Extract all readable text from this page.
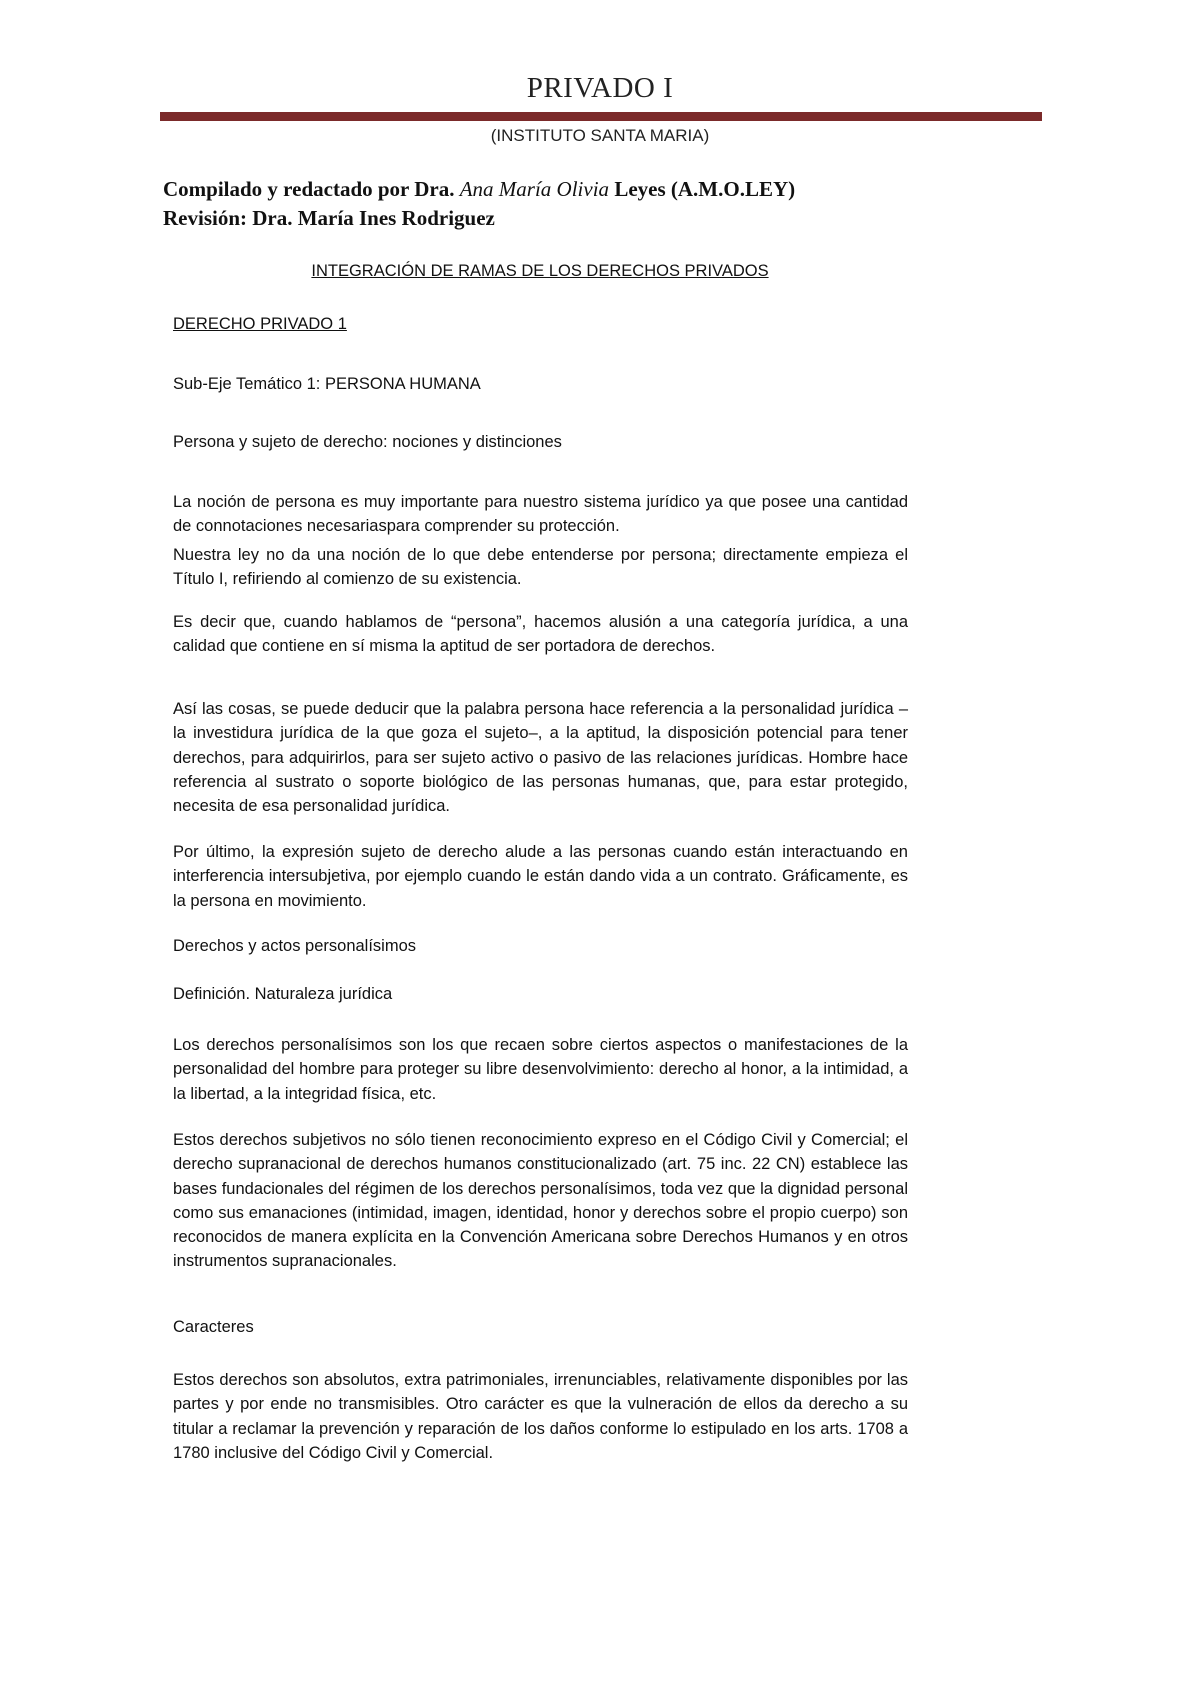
PRIVADO I
(INSTITUTO SANTA MARIA)
Compilado y redactado por Dra. Ana María Olivia Leyes (A.M.O.LEY)
Revisión: Dra. María Ines Rodriguez
INTEGRACIÓN DE RAMAS DE LOS DERECHOS PRIVADOS
DERECHO PRIVADO 1
Sub-Eje Temático 1: PERSONA HUMANA
Persona y sujeto de derecho: nociones y distinciones
La noción de persona es muy importante para nuestro sistema jurídico ya que posee una cantidad de connotaciones necesariaspara comprender su protección.
Nuestra ley no da una noción de lo que debe entenderse por persona; directamente empieza el Título I, refiriendo al comienzo de su existencia.
Es decir que, cuando hablamos de “persona”, hacemos alusión a una categoría jurídica, a una calidad que contiene en sí misma la aptitud de ser portadora de derechos.
Así las cosas, se puede deducir que la palabra persona hace referencia a la personalidad jurídica –la investidura jurídica de la que goza el sujeto–, a la aptitud, la disposición potencial para tener derechos, para adquirirlos, para ser sujeto activo o pasivo de las relaciones jurídicas. Hombre hace referencia al sustrato o soporte biológico de las personas humanas, que, para estar protegido, necesita de esa personalidad jurídica.
Por último, la expresión sujeto de derecho alude a las personas cuando están interactuando en interferencia intersubjetiva, por ejemplo cuando le están dando vida a un contrato. Gráficamente, es la persona en movimiento.
Derechos y actos personalísimos
Definición. Naturaleza jurídica
Los derechos personalísimos son los que recaen sobre ciertos aspectos o manifestaciones de la personalidad del hombre para proteger su libre desenvolvimiento: derecho al honor, a la intimidad, a la libertad, a la integridad física, etc.
Estos derechos subjetivos no sólo tienen reconocimiento expreso en el Código Civil y Comercial; el derecho supranacional de derechos humanos constitucionalizado (art. 75 inc. 22 CN) establece las bases fundacionales del régimen de los derechos personalísimos, toda vez que la dignidad personal como sus emanaciones (intimidad, imagen, identidad, honor y derechos sobre el propio cuerpo) son reconocidos de manera explícita en la Convención Americana sobre Derechos Humanos y en otros instrumentos supranacionales.
Caracteres
Estos derechos son absolutos, extra patrimoniales, irrenunciables, relativamente disponibles por las partes y por ende no transmisibles. Otro carácter es que la vulneración de ellos da derecho a su titular a reclamar la prevención y reparación de los daños conforme lo estipulado en los arts. 1708 a 1780 inclusive del Código Civil y Comercial.
